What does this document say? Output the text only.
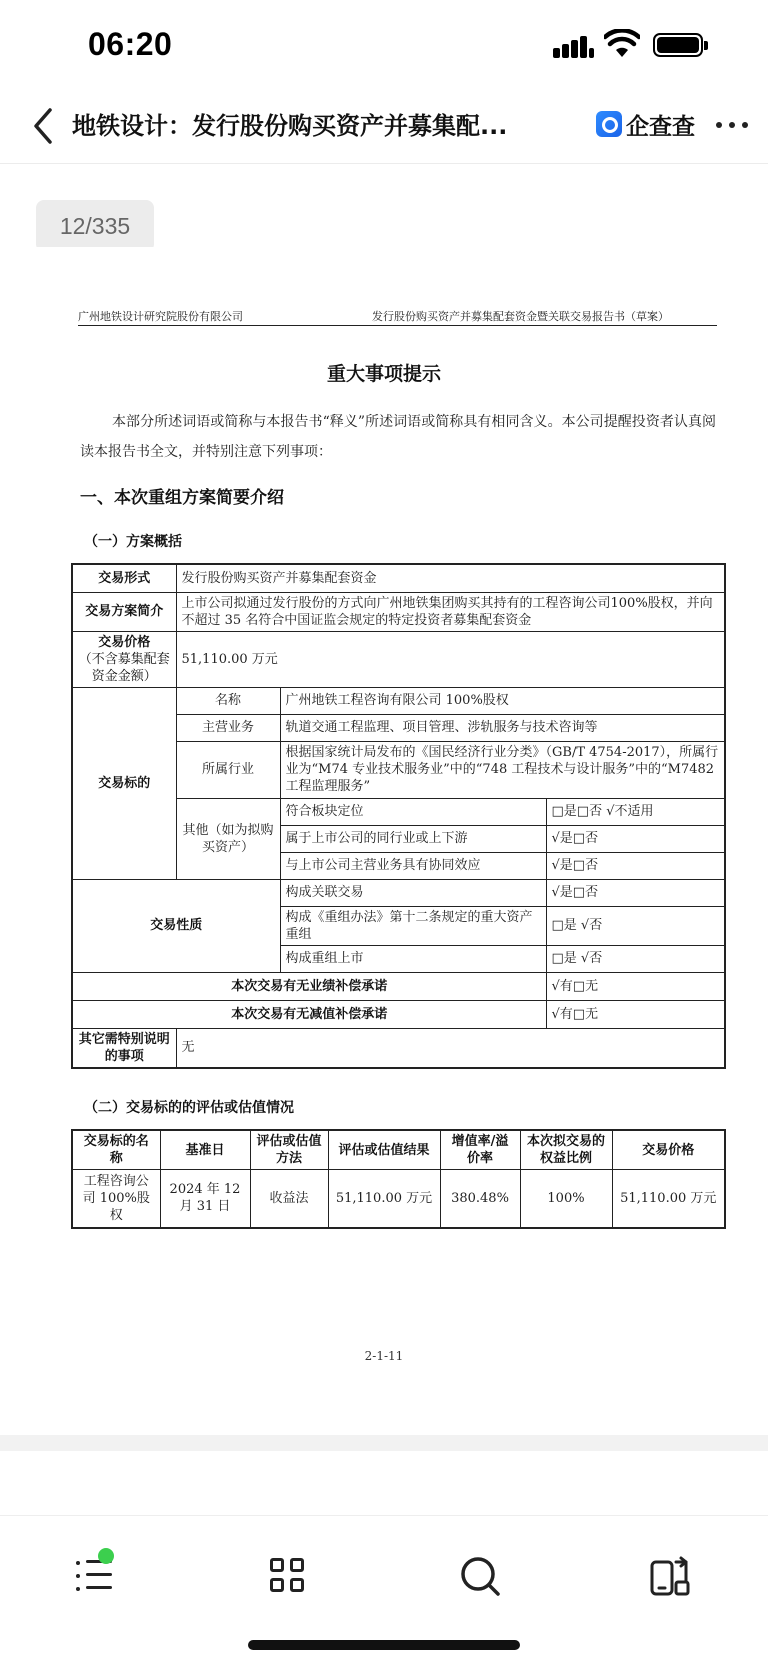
06:20
地铁设计：发行股份购买资产并募集配...	企查查
12/335
广州地铁设计研究院股份有限公司	发行股份购买资产并募集配套资金暨关联交易报告书（草案）
重大事项提示
本部分所述词语或简称与本报告书“释义”所述词语或简称具有相同含义。本公司提醒投资者认真阅读本报告书全文，并特别注意下列事项：
一、本次重组方案简要介绍
（一）方案概括
交易形式	发行股份购买资产并募集配套资金		
交易方案简介	上市公司拟通过发行股份的方式向广州地铁集团购买其持有的工程咨询公司100%股权，并向不超过 35 名符合中国证监会规定的特定投资者募集配套资金		

交易价格
（不含募集配套资金金额）	51,110.00 万元		
交易标的	名称	广州地铁工程咨询有限公司 100%股权	
	主营业务	轨道交通工程监理、项目管理、涉轨服务与技术咨询等	
	所属行业	根据国家统计局发布的《国民经济行业分类》（GB/T 4754-2017），所属行业为“M74 专业技术服务业”中的“748 工程技术与设计服务”中的“M7482 工程监理服务”	
	其他（如为拟购买资产）	符合板块定位	□是□否 √不适用
		属于上市公司的同行业或上下游	√是□否
		与上市公司主营业务具有协同效应	√是□否
交易性质		构成关联交易	√是□否
		构成《重组办法》第十二条规定的重大资产重组	□是 √否
		构成重组上市	□是 √否
本次交易有无业绩补偿承诺			√有□无
本次交易有无减值补偿承诺			√有□无
其它需特别说明的事项	无		
（二）交易标的的评估或估值情况
交易标的名称	基准日	评估或估值方法	评估或估值结果	增值率/溢价率	本次拟交易的权益比例	交易价格
工程咨询公司 100%股权	2024 年 12 月 31 日	收益法	51,110.00 万元	380.48%	100%	51,110.00 万元
2-1-11
